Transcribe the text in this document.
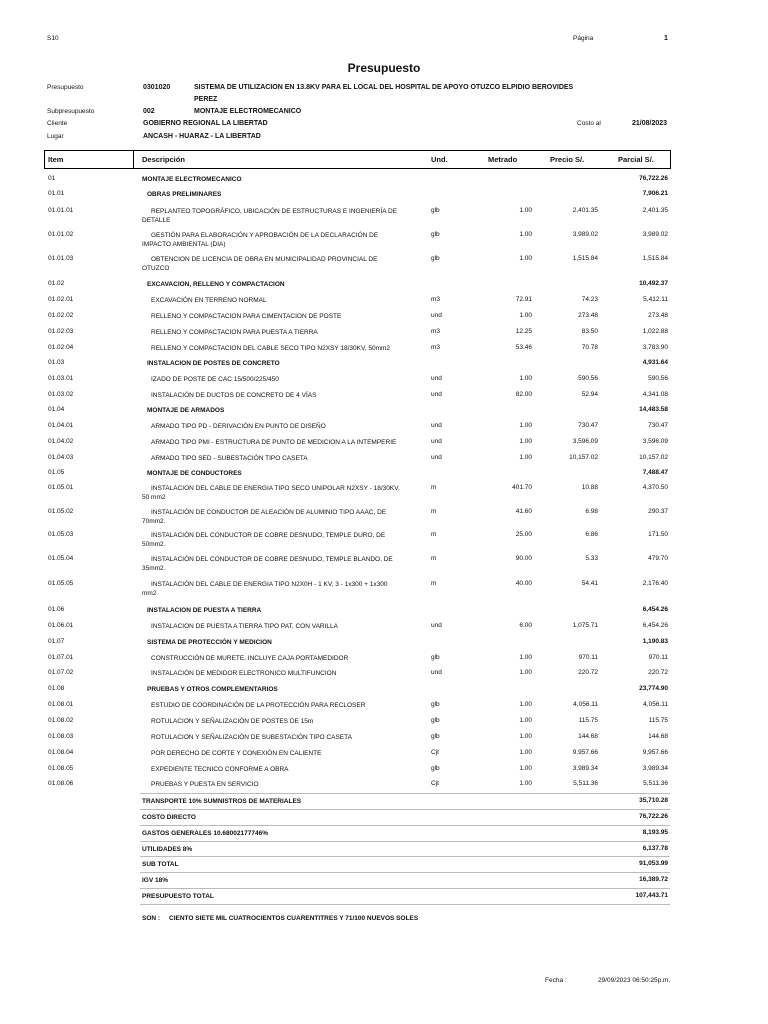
S10	Página	1
Presupuesto
Presupuesto	0301020	SISTEMA DE UTILIZACION EN 13.8KV PARA EL LOCAL DEL HOSPITAL DE APOYO OTUZCO ELPIDIO BEROVIDES
PEREZ
Subpresupuesto	002	MONTAJE ELECTROMECANICO
Cliente	GOBIERNO REGIONAL LA LIBERTAD	Costo al	21/08/2023
Lugar	ANCASH - HUARAZ - LA LIBERTAD
Item	Descripción	Und.	Metrado	Precio S/.	Parcial S/.
01	MONTAJE ELECTROMECANICO	76,722.26
01.01	OBRAS PRELIMINARES	7,906.21
01.01.01	REPLANTEO TOPOGRÁFICO, UBICACIÓN DE ESTRUCTURAS E INGENIERÍA DE
DETALLE
glb	1.00	2,401.35	2,401.35
01.01.02	GESTIÓN PARA ELABORACIÓN Y APROBACIÓN DE LA DECLARACIÓN DE
IMPACTO AMBIENTAL (DIA)
glb	1.00	3,989.02	3,989.02
01.01.03	OBTENCION DE LICENCIA DE OBRA EN MUNICIPALIDAD PROVINCIAL DE
OTUZCO
glb	1.00	1,515.84	1,515.84
01.02	EXCAVACION, RELLENO Y COMPACTACION	10,492.37
01.02.01	EXCAVACIÓN EN TERRENO NORMAL	m3	72.91	74.23	5,412.11
01.02.02	RELLENO Y COMPACTACION PARA CIMENTACION DE POSTE	und	1.00	273.48	273.48
01.02.03	RELLENO Y COMPACTACION PARA PUESTA A TIERRA	m3	12.25	83.50	1,022.88
01.02.04	RELLENO Y COMPACTACION DEL CABLE SECO TIPO N2XSY 18/30KV, 50mm2	m3	53.46	70.78	3,783.90
01.03	INSTALACION DE POSTES DE CONCRETO	4,931.64
01.03.01	IZADO DE POSTE DE CAC 15/500/225/450	und	1.00	590.56	590.56
01.03.02	INSTALACIÓN DE DUCTOS DE CONCRETO DE 4 VÍAS	und	82.00	52.94	4,341.08
01.04	MONTAJE DE ARMADOS	14,483.58
01.04.01	ARMADO TIPO PD - DERIVACIÓN EN PUNTO DE DISEÑO	und	1.00	730.47	730.47
01.04.02	ARMADO TIPO PMI - ESTRUCTURA DE PUNTO DE MEDICION A LA INTEMPERIE	und	1.00	3,596.09	3,596.09
01.04.03	ARMADO TIPO SED - SUBESTACIÓN TIPO CASETA	und	1.00	10,157.02	10,157.02
01.05	MONTAJE DE CONDUCTORES	7,488.47
01.05.01	INSTALACION DEL CABLE DE ENERGIA TIPO SECO UNIPOLAR N2XSY - 18/30KV,
50 mm2
m	401.70	10.88	4,370.50
01.05.02	INSTALACIÓN DE CONDUCTOR DE ALEACIÓN DE ALUMINIO TIPO AAAC, DE
70mm2.
m	41.60	6.98	290.37
01.05.03	INSTALACIÓN DEL CONDUCTOR DE COBRE DESNUDO, TEMPLE DURO, DE
50mm2.
m	25.00	6.86	171.50
01.05.04	INSTALACIÓN DEL CONDUCTOR DE COBRE DESNUDO, TEMPLE BLANDO, DE
35mm2.
m	90.00	5.33	479.70
01.05.05	INSTALACIÓN DEL CABLE DE ENERGIA TIPO N2X0H - 1 KV, 3 - 1x300 + 1x300
mm2
m	40.00	54.41	2,176.40
01.06	INSTALACION DE PUESTA A TIERRA	6,454.26
01.06.01	INSTALACION DE PUESTA A TIERRA TIPO PAT, CON VARILLA	und	6.00	1,075.71	6,454.26
01.07	SISTEMA DE PROTECCIÓN Y MEDICION	1,190.83
01.07.01	CONSTRUCCIÓN DE MURETE, INCLUYE CAJA PORTAMEDIDOR	glb	1.00	970.11	970.11
01.07.02	INSTALACIÓN DE MEDIDOR ELECTRONICO MULTIFUNCION	und	1.00	220.72	220.72
01.08	PRUEBAS Y OTROS COMPLEMENTARIOS	23,774.90
01.08.01	ESTUDIO DE COORDINACIÓN DE LA PROTECCIÓN PARA RECLOSER	glb	1.00	4,056.11	4,056.11
01.08.02	ROTULACION Y SEÑALIZACIÓN DE POSTES DE 15m	glb	1.00	115.75	115.75
01.08.03	ROTULACION Y SEÑALIZACIÓN DE SUBESTACIÓN TIPO CASETA	glb	1.00	144.68	144.68
01.08.04	POR DERECHO DE CORTE Y CONEXIÓN EN CALIENTE	Cjt	1.00	9,957.66	9,957.66
01.08.05	EXPEDIENTE TECNICO CONFORME A OBRA	glb	1.00	3,989.34	3,989.34
01.08.06	PRUEBAS Y PUESTA EN SERVICIO	Cjt	1.00	5,511.36	5,511.36
TRANSPORTE 10% SUMNISTROS DE MATERIALES	35,710.28
COSTO DIRECTO	76,722.26
GASTOS GENERALES 10.68002177746%	8,193.95
UTILIDADES 8%	6,137.78
SUB TOTAL	91,053.99
IGV 18%	16,389.72
PRESUPUESTO TOTAL	107,443.71
SON : CIENTO SIETE MIL CUATROCIENTOS CUARENTITRES Y 71/100 NUEVOS SOLES
Fecha :	29/09/2023 06:50:25p.m.
